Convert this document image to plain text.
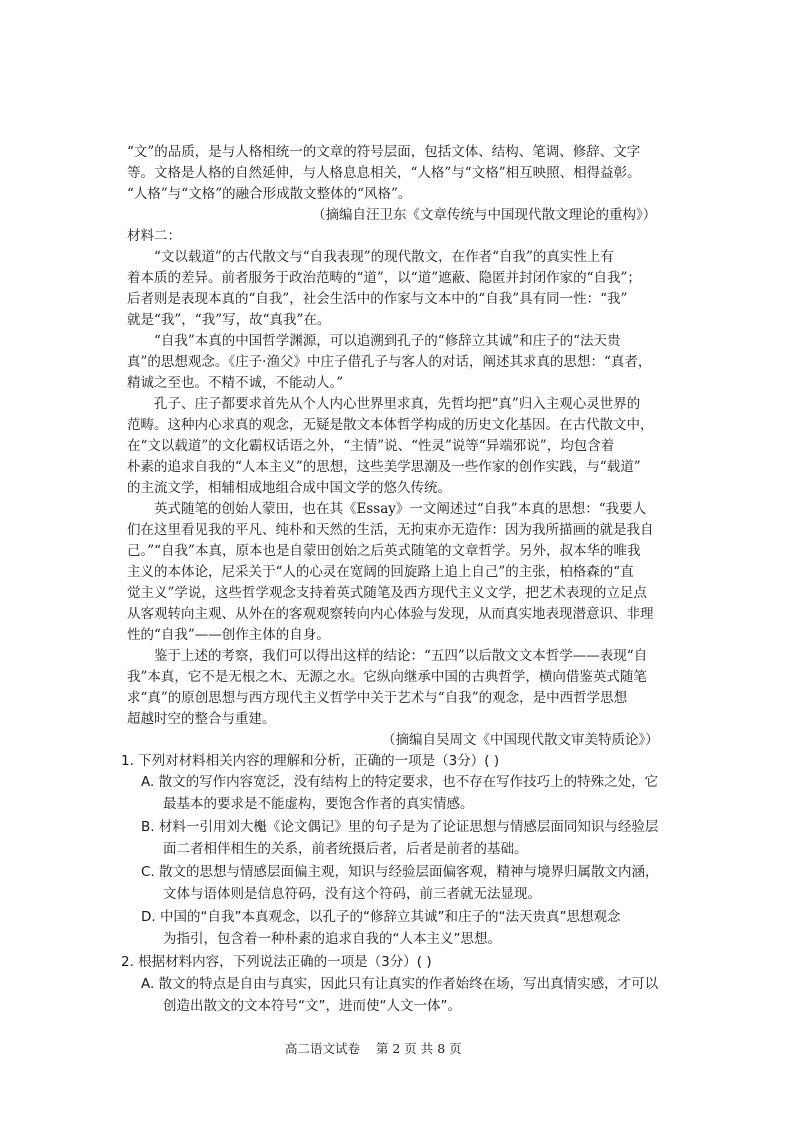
“文”的品质，是与人格相统一的文章的符号层面，包括文体、结构、笔调、修辞、文字
等。文格是人格的自然延伸，与人格息息相关，“人格”与“文格”相互映照、相得益彰。
“人格”与“文格”的融合形成散文整体的“风格”。
（摘编自汪卫东《文章传统与中国现代散文理论的重构》）
材料二：
“文以载道”的古代散文与“自我表现”的现代散文，在作者“自我”的真实性上有
着本质的差异。前者服务于政治范畴的“道”，以“道”遮蔽、隐匿并封闭作家的“自我”；
后者则是表现本真的“自我”，社会生活中的作家与文本中的“自我”具有同一性：“我”
就是“我”，“我”写，故“真我”在。
“自我”本真的中国哲学渊源，可以追溯到孔子的“修辞立其诚”和庄子的“法天贵
真”的思想观念。《庄子·渔父》中庄子借孔子与客人的对话，阐述其求真的思想：“真者，
精诚之至也。不精不诚，不能动人。”
孔子、庄子都要求首先从个人内心世界里求真，先哲均把“真”归入主观心灵世界的
范畴。这种内心求真的观念，无疑是散文本体哲学构成的历史文化基因。在古代散文中，
在“文以载道”的文化霸权话语之外，“主情”说、“性灵”说等“异端邪说”，均包含着
朴素的追求自我的“人本主义”的思想，这些美学思潮及一些作家的创作实践，与“载道”
的主流文学，相辅相成地组合成中国文学的悠久传统。
英式随笔的创始人蒙田，也在其《Essay》一文阐述过“自我”本真的思想：“我要人
们在这里看见我的平凡、纯朴和天然的生活，无拘束亦无造作：因为我所描画的就是我自
己。”“自我”本真，原本也是自蒙田创始之后英式随笔的文章哲学。另外，叔本华的唯我
主义的本体论，尼采关于“人的心灵在宽阔的回旋路上追上自己”的主张，柏格森的“直
觉主义”学说，这些哲学观念支持着英式随笔及西方现代主义文学，把艺术表现的立足点
从客观转向主观、从外在的客观观察转向内心体验与发现，从而真实地表现潜意识、非理
性的“自我”——创作主体的自身。
鉴于上述的考察，我们可以得出这样的结论：“五四”以后散文文本哲学——表现“自
我”本真，它不是无根之木、无源之水。它纵向继承中国的古典哲学，横向借鉴英式随笔
求“真”的原创思想与西方现代主义哲学中关于艺术与“自我”的观念，是中西哲学思想
超越时空的整合与重建。
（摘编自吴周文《中国现代散文审美特质论》）
1. 下列对材料相关内容的理解和分析，正确的一项是（3分）( )
A. 散文的写作内容宽泛，没有结构上的特定要求，也不存在写作技巧上的特殊之处，它
最基本的要求是不能虚构，要饱含作者的真实情感。
B. 材料一引用刘大櫆《论文偶记》里的句子是为了论证思想与情感层面同知识与经验层
面二者相伴相生的关系，前者统摄后者，后者是前者的基础。
C. 散文的思想与情感层面偏主观，知识与经验层面偏客观，精神与境界归属散文内涵，
文体与语体则是信息符码，没有这个符码，前三者就无法显现。
D. 中国的“自我”本真观念，以孔子的“修辞立其诚”和庄子的“法天贵真”思想观念
为指引，包含着一种朴素的追求自我的“人本主义”思想。
2. 根据材料内容，下列说法正确的一项是（3分）( )
A. 散文的特点是自由与真实，因此只有让真实的作者始终在场，写出真情实感，才可以
创造出散文的文本符号“文”，进而使“人文一体”。
高二语文试卷    第 2 页 共 8 页
